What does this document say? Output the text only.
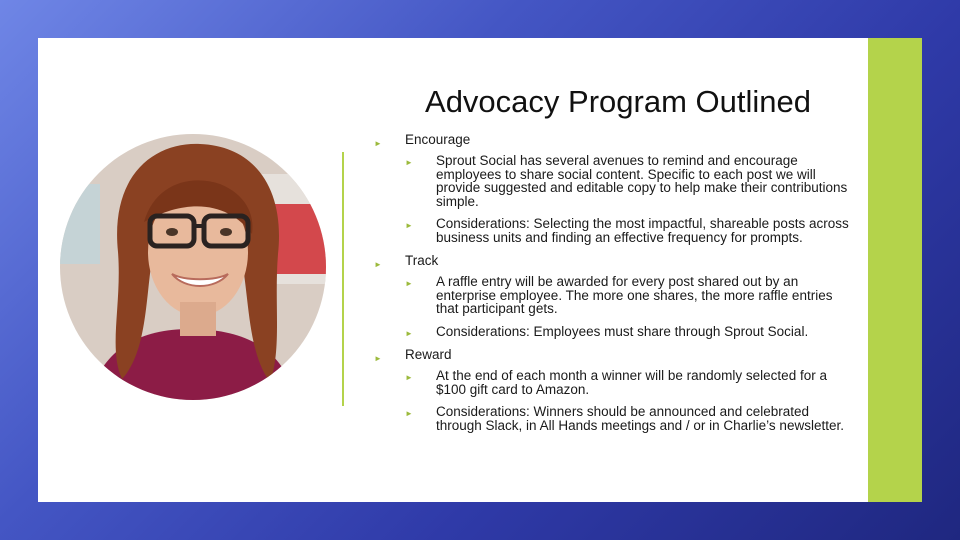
Advocacy Program Outlined
► Encourage
► Sprout Social has several avenues to remind and encourage employees to share social content. Specific to each post we will provide suggested and editable copy to help make their contributions simple.
► Considerations: Selecting the most impactful, shareable posts across business units and finding an effective frequency for prompts.
► Track
► A raffle entry will be awarded for every post shared out by an enterprise employee. The more one shares, the more raffle entries that participant gets.
► Considerations: Employees must share through Sprout Social.
► Reward
► At the end of each month a winner will be randomly selected for a $100 gift card to Amazon.
► Considerations: Winners should be announced and celebrated through Slack, in All Hands meetings and / or in Charlie’s newsletter.
